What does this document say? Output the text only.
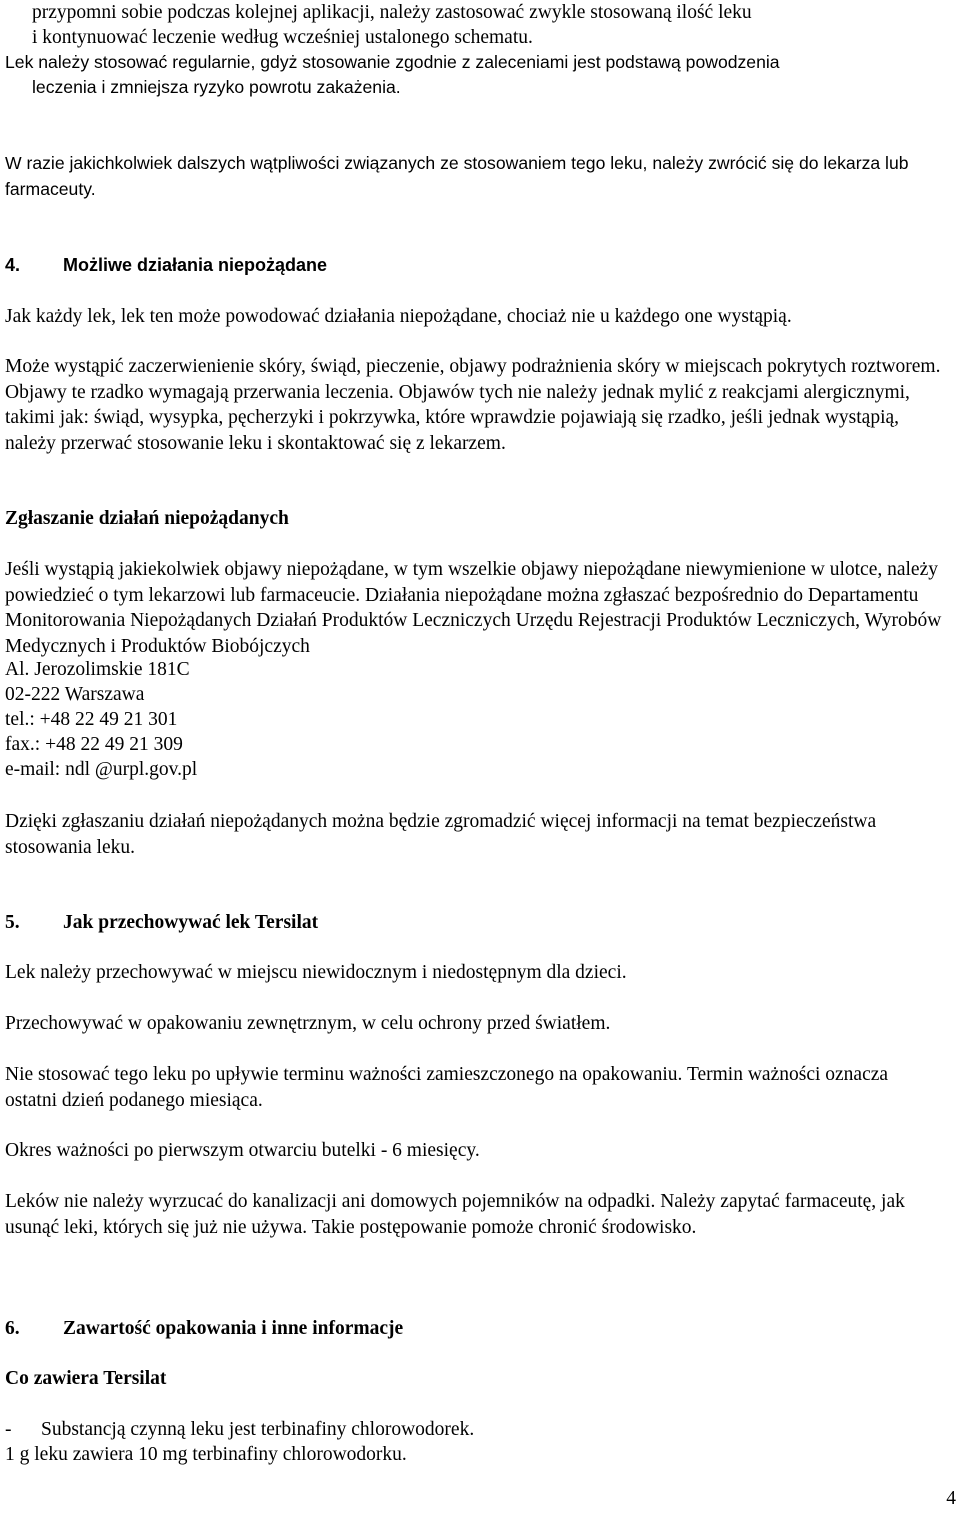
przypomni sobie podczas kolejnej aplikacji, należy zastosować zwykle stosowaną ilość leku

i kontynuować leczenie według wcześniej ustalonego schematu.

Lek należy stosować regularnie, gdyż stosowanie zgodnie z zaleceniami jest podstawą powodzenia

leczenia i zmniejsza ryzyko powrotu zakażenia.

W razie jakichkolwiek dalszych wątpliwości związanych ze stosowaniem tego leku, należy zwrócić się do lekarza lub farmaceuty.

4. Możliwe działania niepożądane

Jak każdy lek, lek ten może powodować działania niepożądane, chociaż nie u każdego one wystąpią.

Może wystąpić zaczerwienienie skóry, świąd, pieczenie, objawy podrażnienia skóry w miejscach pokrytych roztworem. Objawy te rzadko wymagają przerwania leczenia. Objawów tych nie należy jednak mylić z reakcjami alergicznymi, takimi jak: świąd, wysypka, pęcherzyki i pokrzywka, które wprawdzie pojawiają się rzadko, jeśli jednak wystąpią, należy przerwać stosowanie leku i skontaktować się z lekarzem.

Zgłaszanie działań niepożądanych

Jeśli wystąpią jakiekolwiek objawy niepożądane, w tym wszelkie objawy niepożądane niewymienione w ulotce, należy powiedzieć o tym lekarzowi lub farmaceucie. Działania niepożądane można zgłaszać bezpośrednio do Departamentu Monitorowania Niepożądanych Działań Produktów Leczniczych Urzędu Rejestracji Produktów Leczniczych, Wyrobów Medycznych i Produktów Biobójczych

Al. Jerozolimskie 181C

02-222 Warszawa

tel.: +48 22 49 21 301

fax.: +48 22 49 21 309

e-mail: ndl @urpl.gov.pl

Dzięki zgłaszaniu działań niepożądanych można będzie zgromadzić więcej informacji na temat bezpieczeństwa stosowania leku.

5. Jak przechowywać lek Tersilat

Lek należy przechowywać w miejscu niewidocznym i niedostępnym dla dzieci.

Przechowywać w opakowaniu zewnętrznym, w celu ochrony przed światłem.

Nie stosować tego leku po upływie terminu ważności zamieszczonego na opakowaniu. Termin ważności oznacza ostatni dzień podanego miesiąca.

Okres ważności po pierwszym otwarciu butelki - 6 miesięcy.

Leków nie należy wyrzucać do kanalizacji ani domowych pojemników na odpadki. Należy zapytać farmaceutę, jak usunąć leki, których się już nie używa. Takie postępowanie pomoże chronić środowisko.

6. Zawartość opakowania i inne informacje
Co zawiera Tersilat

- Substancją czynną leku jest terbinafiny chlorowodorek.

1 g leku zawiera 10 mg terbinafiny chlorowodorku.

4
